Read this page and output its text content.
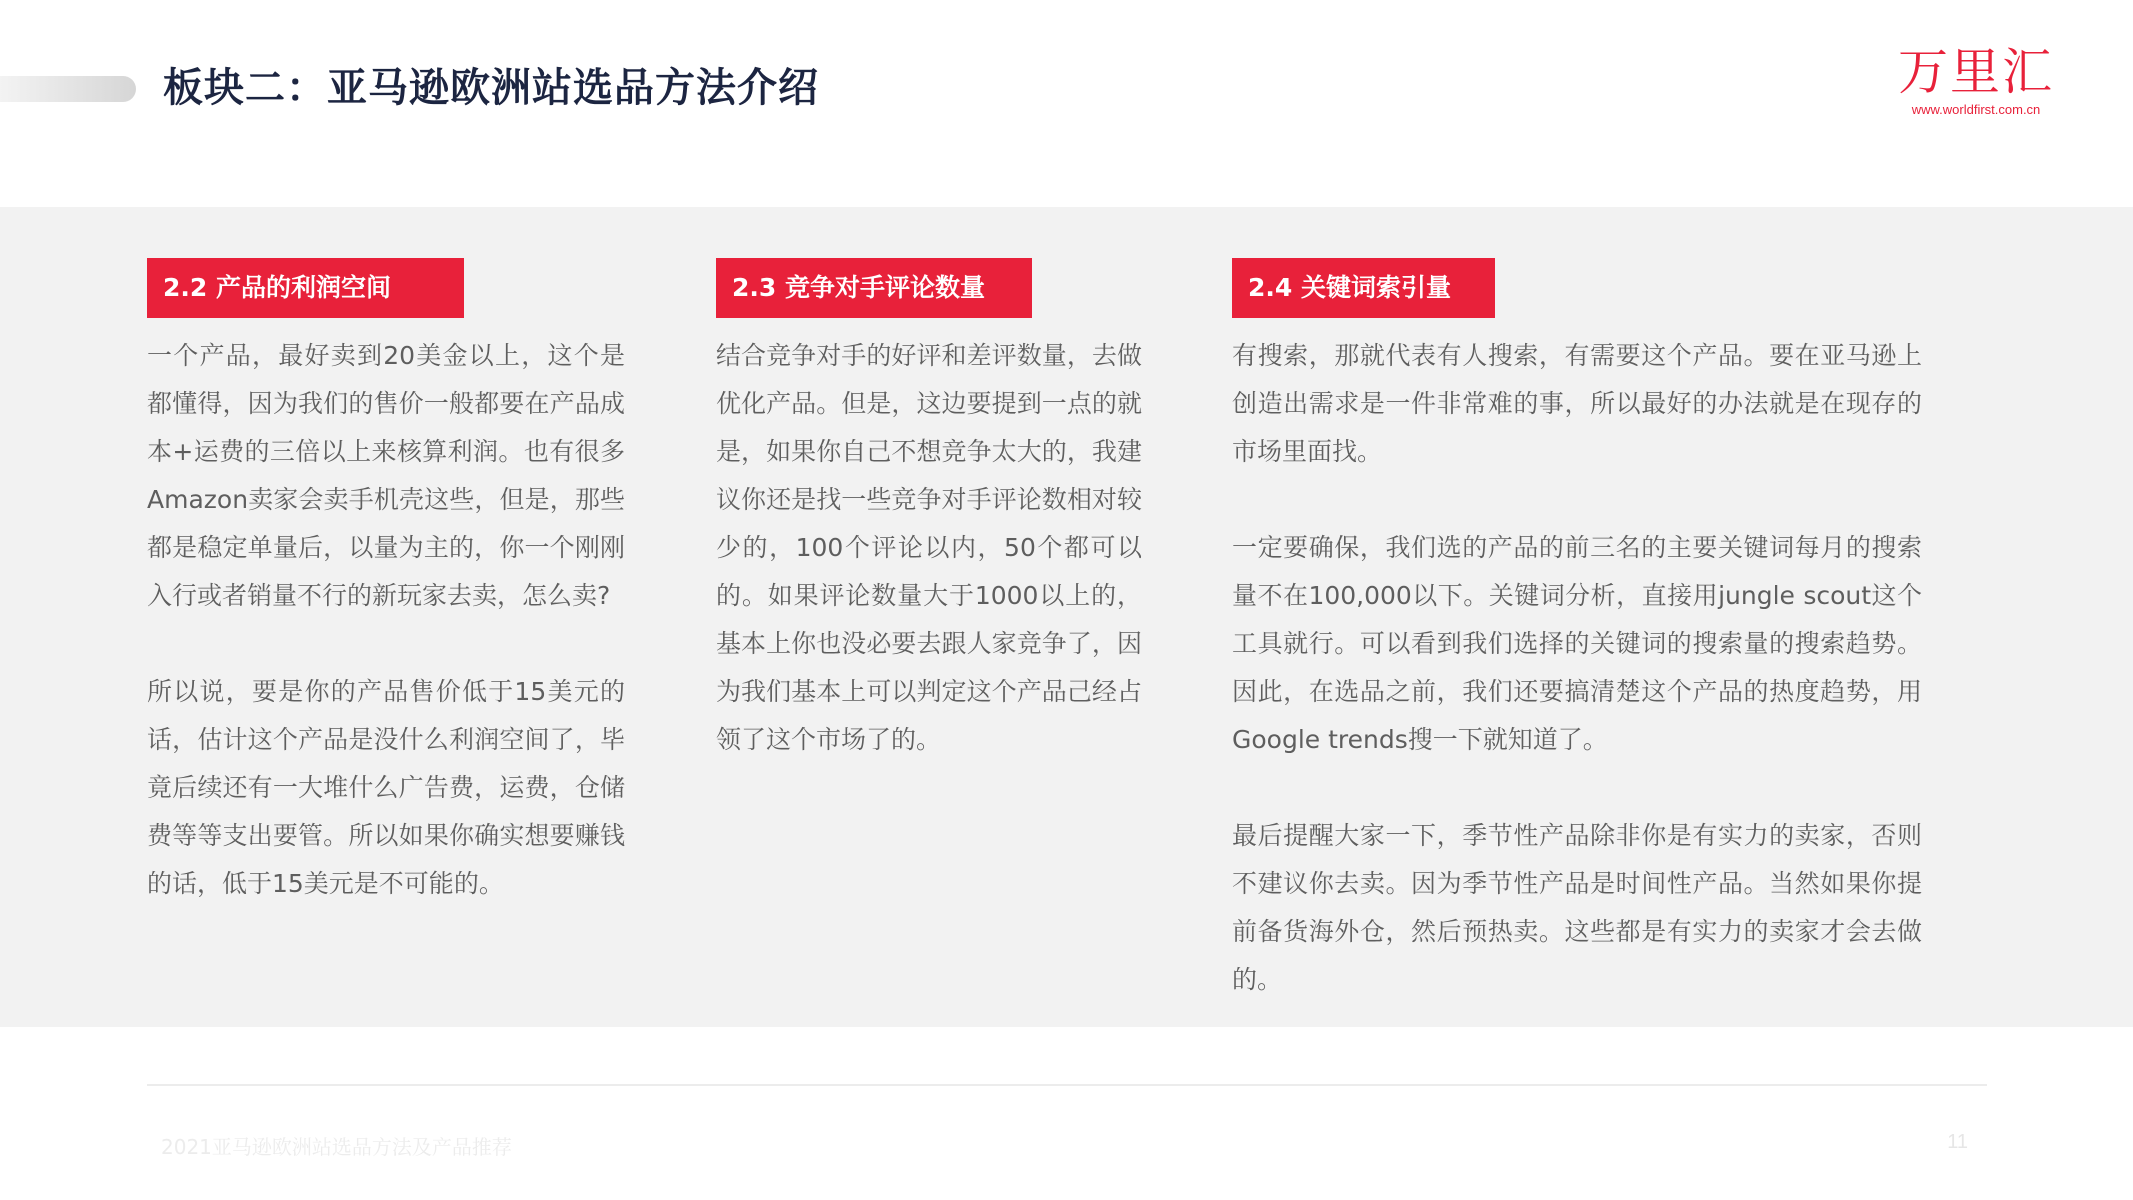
板块二：亚马逊欧洲站选品方法介绍	万里汇
www.worldfirst.com.cn
2.2 产品的利润空间

一个产品，最好卖到20美金以上，这个是都懂得，因为我们的售价一般都要在产品成本+运费的三倍以上来核算利润。也有很多Amazon卖家会卖手机壳这些，但是，那些都是稳定单量后，以量为主的，你一个刚刚入行或者销量不行的新玩家去卖，怎么卖?

所以说，要是你的产品售价低于15美元的话，估计这个产品是没什么利润空间了，毕竟后续还有一大堆什么广告费，运费，仓储费等等支出要管。所以如果你确实想要赚钱的话，低于15美元是不可能的。

2.3 竞争对手评论数量

结合竞争对手的好评和差评数量，去做优化产品。但是，这边要提到一点的就是，如果你自己不想竞争太大的，我建议你还是找一些竞争对手评论数相对较少的，100个评论以内，50个都可以的。如果评论数量大于1000以上的，基本上你也没必要去跟人家竞争了，因为我们基本上可以判定这个产品己经占领了这个市场了的。

2.4 关键词索引量

有搜索，那就代表有人搜索，有需要这个产品。要在亚马逊上创造出需求是一件非常难的事，所以最好的办法就是在现存的市场里面找。

一定要确保，我们选的产品的前三名的主要关键词每月的搜索量不在100,000以下。关键词分析，直接用jungle scout这个工具就行。可以看到我们选择的关键词的搜索量的搜索趋势。因此，在选品之前，我们还要搞清楚这个产品的热度趋势，用Google trends搜一下就知道了。

最后提醒大家一下，季节性产品除非你是有实力的卖家，否则不建议你去卖。因为季节性产品是时间性产品。当然如果你提前备货海外仓，然后预热卖。这些都是有实力的卖家才会去做的。

2021亚马逊欧洲站选品方法及产品推荐	11
